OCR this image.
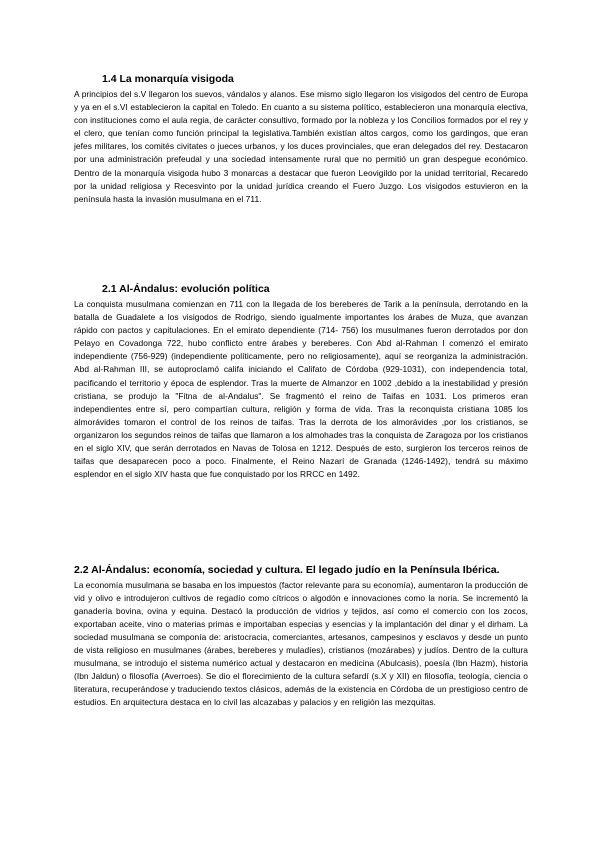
1.4 La monarquía visigoda

A principios del s.V llegaron los suevos, vándalos y alanos. Ese mismo siglo llegaron los visigodos del centro de Europa y ya en el s.VI establecieron la capital en Toledo. En cuanto a su sistema político, establecieron una monarquía electiva, con instituciones como el aula regia, de carácter consultivo, formado por la nobleza y los Concilios formados por el rey y el clero, que tenían como función principal la legislativa.También existían altos cargos, como los gardingos, que eran jefes militares, los comités civitates o jueces urbanos, y los duces provinciales, que eran delegados del rey. Destacaron por una administración prefeudal y una sociedad intensamente rural que no permitió un gran despegue económico. Dentro de la monarquía visigoda hubo 3 monarcas a destacar que fueron Leovigildo por la unidad territorial, Recaredo por la unidad religiosa y Recesvinto por la unidad jurídica creando el Fuero Juzgo. Los visigodos estuvieron en la península hasta la invasión musulmana en el 711.

2.1 Al-Ándalus: evolución política

La conquista musulmana comienzan en 711 con la llegada de los bereberes de Tarik a la península, derrotando en la batalla de Guadalete a los visigodos de Rodrigo, siendo igualmente importantes los árabes de Muza, que avanzan rápido con pactos y capitulaciones. En el emirato dependiente (714- 756) los musulmanes fueron derrotados por don Pelayo en Covadonga 722, hubo conflicto entre árabes y bereberes. Con Abd al-Rahman I comenzó el emirato independiente (756-929) (independiente políticamente, pero no religiosamente), aquí se reorganiza la administración. Abd al-Rahman III, se autoproclamó califa iniciando el Califato de Córdoba (929-1031), con independencia total, pacificando el territorio y época de esplendor. Tras la muerte de Almanzor en 1002 ,debido a la inestabilidad y presión cristiana, se produjo la "Fitna de al-Andalus". Se fragmentó el reino de Taifas en 1031. Los primeros eran independientes entre sí, pero compartían cultura, religión y forma de vida. Tras la reconquista cristiana 1085 los almorávides tomaron el control de los reinos de taifas. Tras la derrota de los almorávides ,por los cristianos, se organizaron los segundos reinos de taifas que llamaron a los almohades tras la conquista de Zaragoza por los cristianos en el siglo XIV, que serán derrotados en Navas de Tolosa en 1212. Después de esto, surgieron los terceros reinos de taifas que desaparecen poco a poco. Finalmente, el Reino Nazarí de Granada (1246-1492), tendrá su máximo esplendor en el siglo XIV hasta que fue conquistado por los RRCC en 1492.

2.2 Al-Ándalus: economía, sociedad y cultura. El legado judío en la Península Ibérica.

La economía musulmana se basaba en los impuestos (factor relevante para su economía), aumentaron la producción de vid y olivo e introdujeron cultivos de regadío como cítricos o algodón e innovaciones como la noria. Se incrementó la ganadería bovina, ovina y equina. Destacó la producción de vidrios y tejidos, así como el comercio con los zocos, exportaban aceite, vino o materias primas e importaban especias y esencias y la implantación del dinar y el dirham. La sociedad musulmana se componía de: aristocracia, comerciantes, artesanos, campesinos y esclavos y desde un punto de vista religioso en musulmanes (árabes, bereberes y muladíes), cristianos (mozárabes) y judíos. Dentro de la cultura musulmana, se introdujo el sistema numérico actual y destacaron en medicina (Abulcasis), poesía (Ibn Hazm), historia (Ibn Jaldun) o filosofía (Averroes). Se dio el florecimiento de la cultura sefardí (s.X y XII) en filosofía, teología, ciencia o literatura, recuperándose y traduciendo textos clásicos, además de la existencia en Córdoba de un prestigioso centro de estudios. En arquitectura destaca en lo civil las alcazabas y palacios y en religión las mezquitas.
